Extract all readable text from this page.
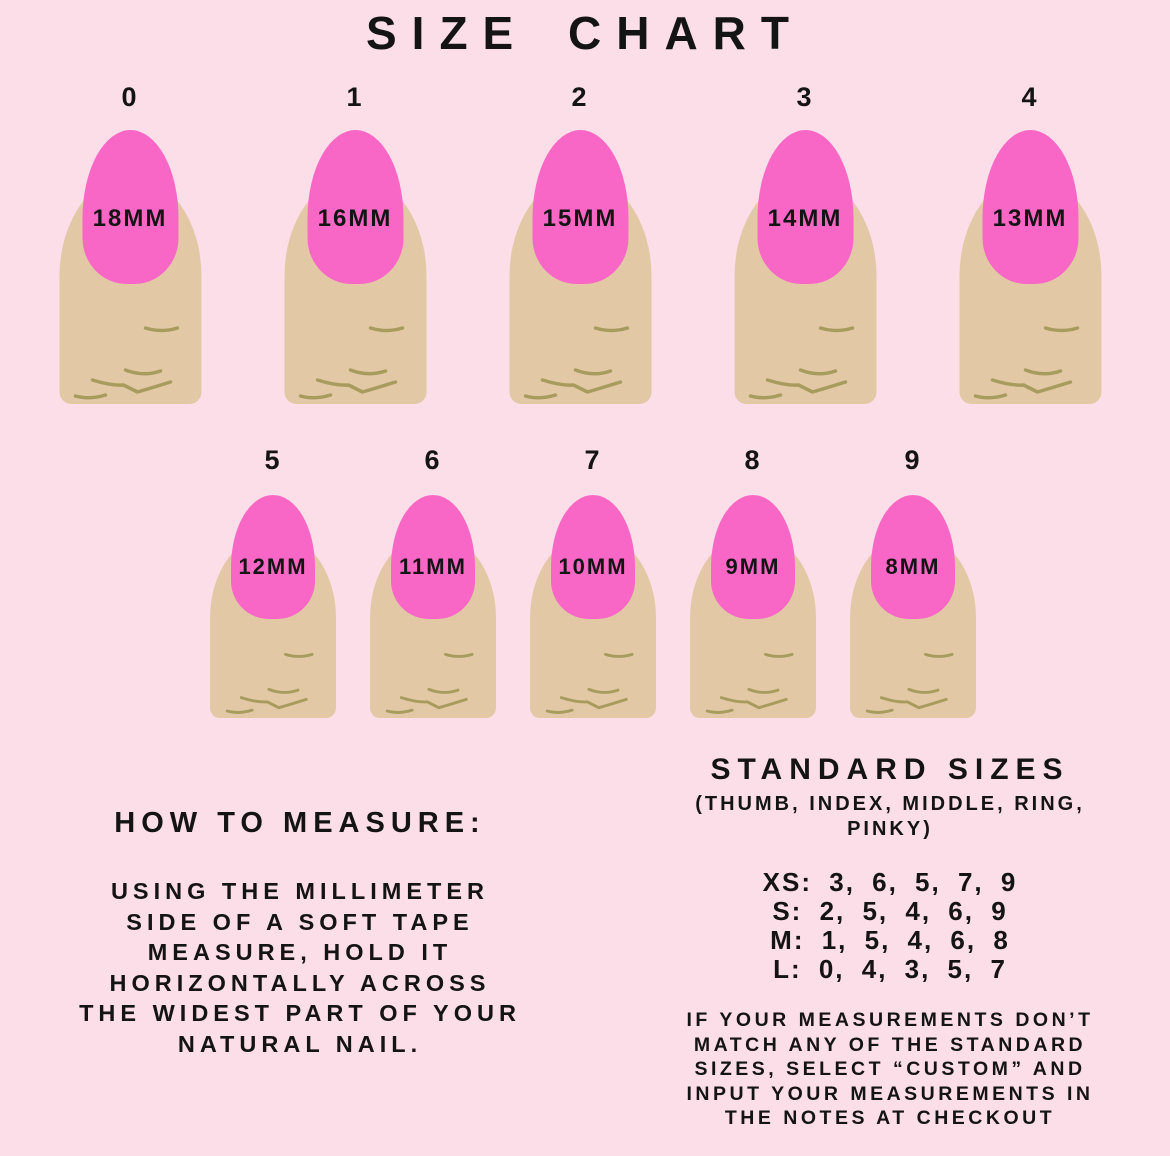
SIZE CHART
0
18MM
1
16MM
2
15MM
3
14MM
4
13MM
5
12MM
6
11MM
7
10MM
8
9MM
9
8MM
HOW TO MEASURE:
USING THE MILLIMETER
SIDE OF A SOFT TAPE
MEASURE, HOLD IT
HORIZONTALLY ACROSS
THE WIDEST PART OF YOUR
NATURAL NAIL.
STANDARD SIZES
(THUMB, INDEX, MIDDLE, RING,
PINKY)
XS: 3, 6, 5, 7, 9
S: 2, 5, 4, 6, 9
M: 1, 5, 4, 6, 8
L: 0, 4, 3, 5, 7
IF YOUR MEASUREMENTS DON’T
MATCH ANY OF THE STANDARD
SIZES, SELECT “CUSTOM” AND
INPUT YOUR MEASUREMENTS IN
THE NOTES AT CHECKOUT
